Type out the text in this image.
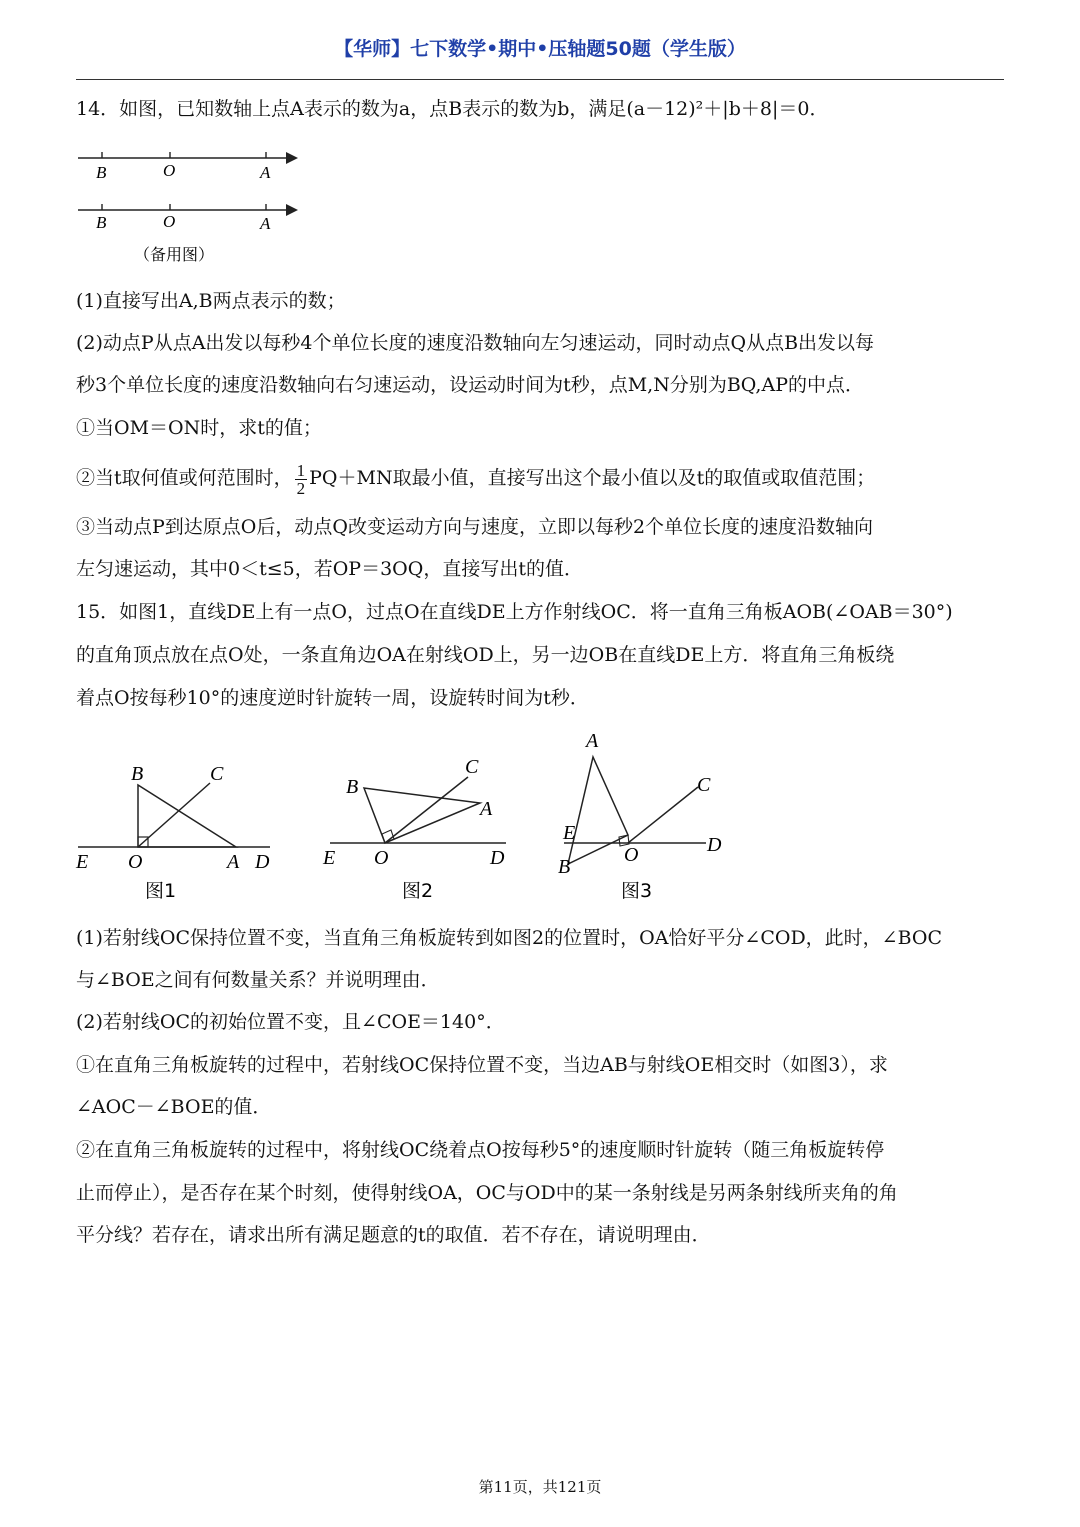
【华师】七下数学•期中•压轴题50题（学生版）
14．如图，已知数轴上点A表示的数为a，点B表示的数为b，满足(a－12)²＋|b＋8|＝0．
B	O	A
B	O	A
（备用图）
(1)直接写出A,B两点表示的数；
(2)动点P从点A出发以每秒4个单位长度的速度沿数轴向左匀速运动，同时动点Q从点B出发以每
秒3个单位长度的速度沿数轴向右匀速运动，设运动时间为t秒，点M,N分别为BQ,AP的中点．
①当OM＝ON时，求t的值；
②当t取何值或何范围时， $\frac{1}{2} PQ+MN$取最小值，直接写出这个最小值以及t的取值或取值范围；
③当动点P到达原点O后，动点Q改变运动方向与速度，立即以每秒2个单位长度的速度沿数轴向
左匀速运动，其中0＜t≤5，若OP＝3OQ，直接写出t的值．
15．如图1，直线DE上有一点O，过点O在直线DE上方作射线OC．将一直角三角板AOB(∠OAB＝30°)
的直角顶点放在点O处，一条直角边OA在射线OD上，另一边OB在直线DE上方．将直角三角板绕
着点O按每秒10°的速度逆时针旋转一周，设旋转时间为t秒．
B	C
E O	A D
图1
B
C
A
E O	D
图2
A
C
E
D
O
B
图3
(1)若射线OC保持位置不变，当直角三角板旋转到如图2的位置时，OA恰好平分∠COD，此时，∠BOC
与∠BOE之间有何数量关系？并说明理由．
(2)若射线OC的初始位置不变，且∠COE＝140°．
①在直角三角板旋转的过程中，若射线OC保持位置不变，当边AB与射线OE相交时（如图3），求
∠AOC－∠BOE的值．
②在直角三角板旋转的过程中，将射线OC绕着点O按每秒5°的速度顺时针旋转（随三角板旋转停
止而停止），是否存在某个时刻，使得射线OA，OC与OD中的某一条射线是另两条射线所夹角的角
平分线？若存在，请求出所有满足题意的t的取值．若不存在，请说明理由．
第11页，共121页
